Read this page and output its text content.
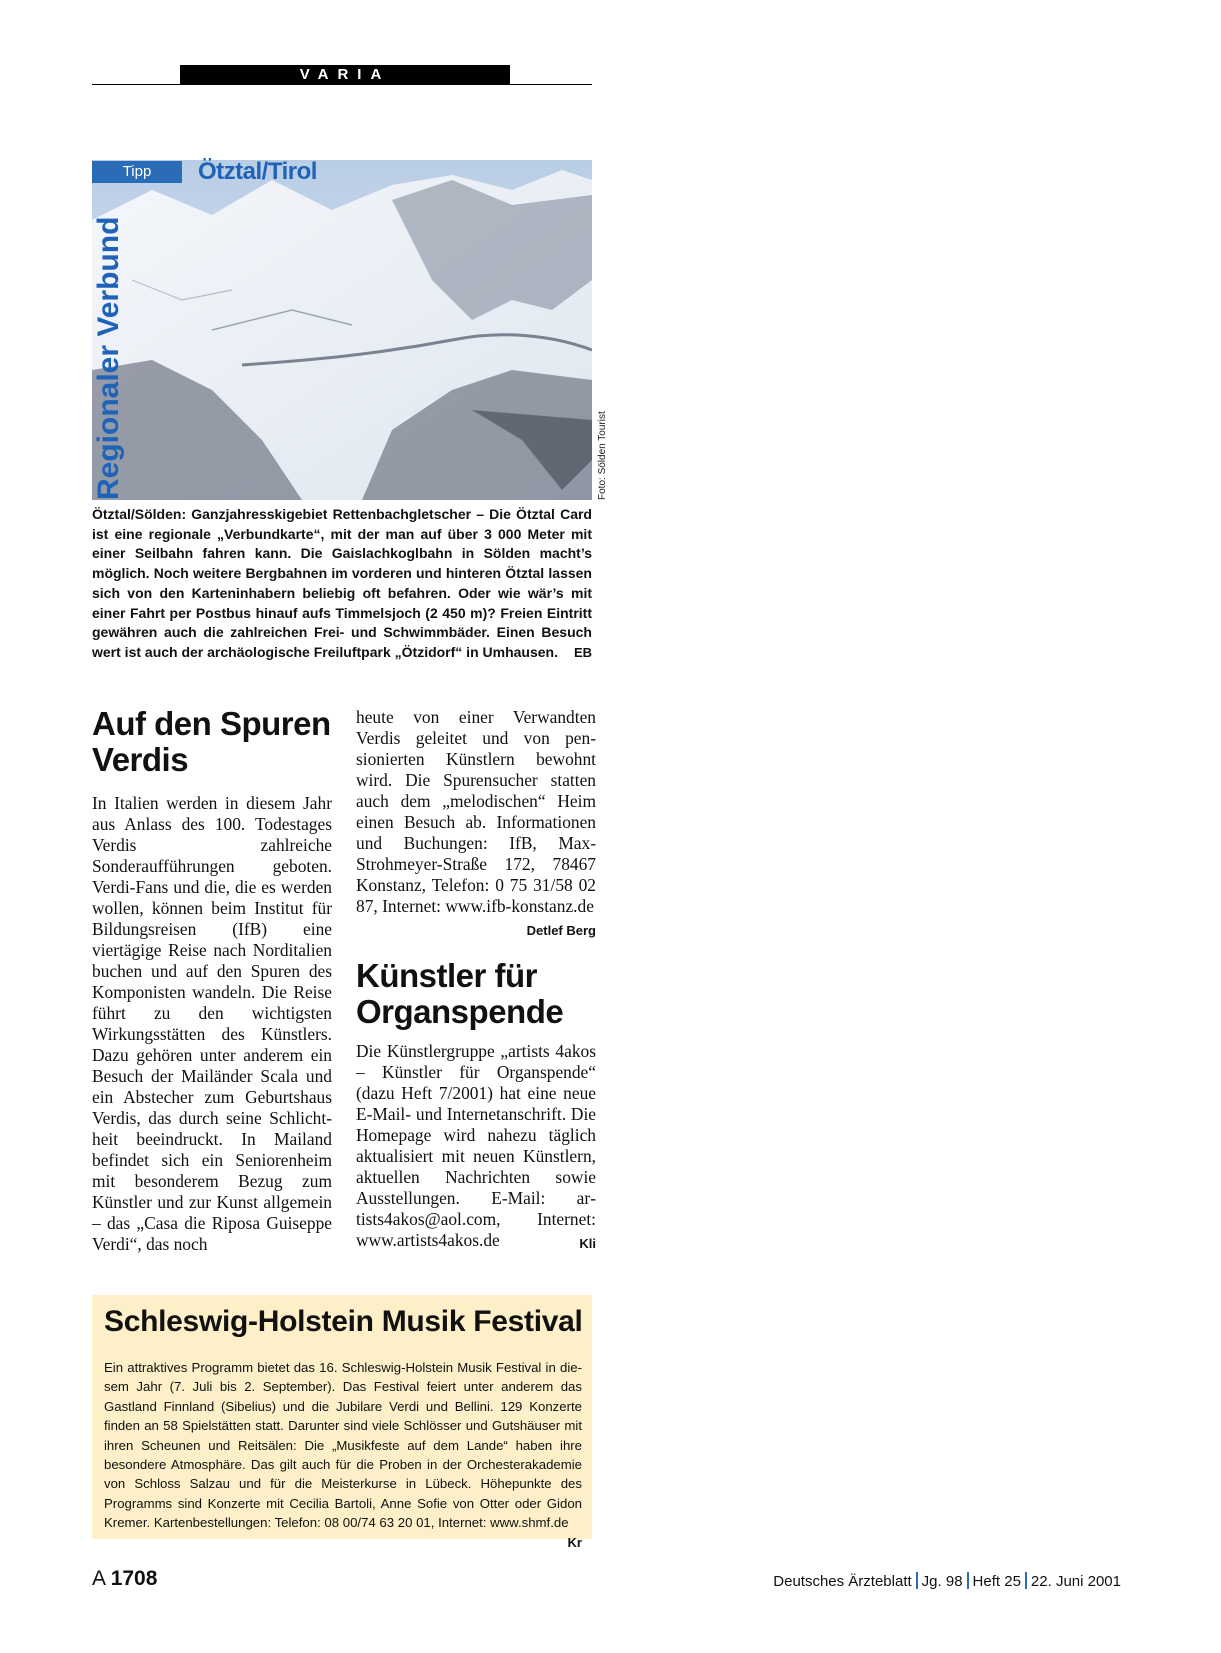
VARIA
Tipp	Ötztal/Tirol
Regionaler Verbund	Foto: Sölden Tourist
Ötztal/Sölden: Ganzjahresskigebiet Rettenbachgletscher – Die Ötztal Card ist eine regionale „Verbundkarte“, mit der man auf über 3 000 Meter mit einer Seilbahn fahren kann. Die Gaislachkoglbahn in Sölden macht’s möglich. Noch weitere Bergbahnen im vorderen und hinteren Ötztal lassen sich von den Karteninhabern beliebig oft befahren. Oder wie wär’s mit einer Fahrt per Postbus hinauf aufs Timmelsjoch (2 450 m)? Freien Eintritt gewähren auch die zahlreichen Frei- und Schwimmbäder. Einen Besuch wert ist auch der archäologische Freiluftpark „Ötzidorf“ in Umhausen. EB
Auf den Spuren Verdis
In Italien werden in diesem Jahr aus Anlass des 100. Todestages Verdis zahlreiche Sonderaufführungen geboten. Verdi-Fans und die, die es werden wollen, können beim Institut für Bildungsreisen (IfB) eine viertägige Reise nach Norditalien buchen und auf den Spuren des Komponisten wandeln. Die Reise führt zu den wichtigsten Wirkungsstätten des Künstlers. Dazu gehören unter anderem ein Besuch der Mailänder Scala und ein Abstecher zum Geburtshaus Verdis, das durch seine Schlichtheit beeindruckt. In Mailand befindet sich ein Seniorenheim mit besonderem Bezug zum Künstler und zur Kunst allgemein – das „Casa die Riposa Guiseppe Verdi“, das noch
heute von einer Verwandten Verdis geleitet und von pensionierten Künstlern bewohnt wird. Die Spurensucher statten auch dem „melodischen“ Heim einen Besuch ab. Informationen und Buchungen: IfB, Max-Strohmeyer-Straße 172, 78467 Konstanz, Telefon: 0 75 31/58 02 87, Internet: www.ifb-konstanz.de
Detlef Berg
Künstler für Organspende
Die Künstlergruppe „artists 4akos – Künstler für Organspende“ (dazu Heft 7/2001) hat eine neue E-Mail- und Internetanschrift. Die Homepage wird nahezu täglich aktualisiert mit neuen Künstlern, aktuellen Nachrichten sowie Ausstellungen. E-Mail: artists4akos@aol.com, Internet: www.artists4akos.de	Kli
Schleswig-Holstein Musik Festival
Ein attraktives Programm bietet das 16. Schleswig-Holstein Musik Festival in diesem Jahr (7. Juli bis 2. September). Das Festival feiert unter anderem das Gastland Finnland (Sibelius) und die Jubilare Verdi und Bellini. 129 Konzerte finden an 58 Spielstätten statt. Darunter sind viele Schlösser und Gutshäuser mit ihren Scheunen und Reitsälen: Die „Musikfeste auf dem Lande“ haben ihre besondere Atmosphäre. Das gilt auch für die Proben in der Orchesterakademie von Schloss Salzau und für die Meisterkurse in Lübeck. Höhepunkte des Programms sind Konzerte mit Cecilia Bartoli, Anne Sofie von Otter oder Gidon Kremer. Kartenbestellungen: Telefon: 08 00/74 63 20 01, Internet: www.shmf.de
Kr
A 1708	Deutsches Ärzteblatt Jg. 98 Heft 25 22. Juni 2001
